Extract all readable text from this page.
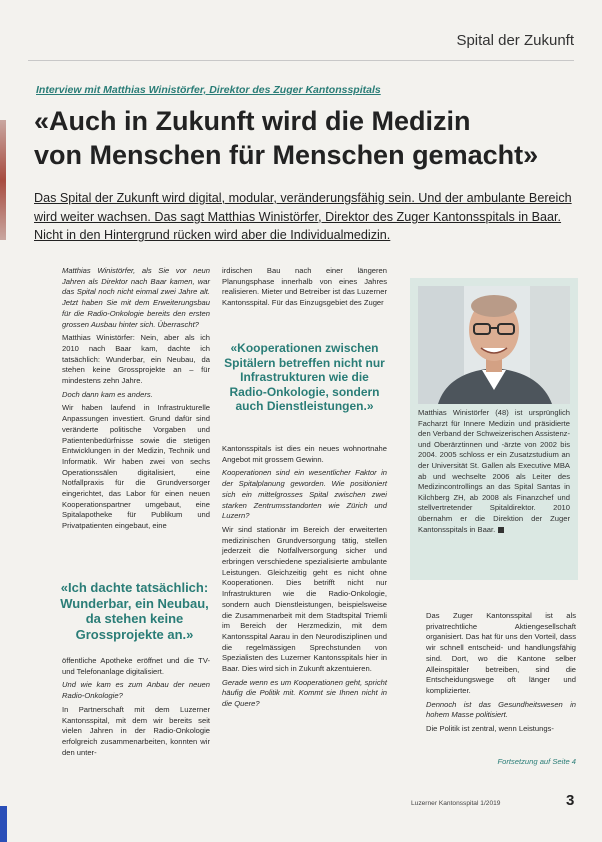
Spital der Zukunft
Interview mit Matthias Winistörfer, Direktor des Zuger Kantonsspitals
«Auch in Zukunft wird die Medizin
von Menschen für Menschen gemacht»

Das Spital der Zukunft wird digital, modular, veränderungsfähig sein. Und der ambulante Bereich wird weiter wachsen. Das sagt Matthias Winistörfer, Direktor des Zuger Kantonsspitals in Baar. Nicht in den Hintergrund rücken wird aber die Individualmedizin.

Matthias Winistörfer, als Sie vor neun Jahren als Direktor nach Baar kamen, war das Spital noch nicht einmal zwei Jahre alt. Jetzt haben Sie mit dem Erweiterungsbau für die Radio-Onkologie bereits den ersten grossen Ausbau hinter sich. Überrascht?

Matthias Winistörfer: Nein, aber als ich 2010 nach Baar kam, dachte ich tatsächlich: Wunderbar, ein Neubau, da stehen keine Grossprojekte an – für mindestens zehn Jahre.

Doch dann kam es anders.

Wir haben laufend in Infrastrukturelle Anpassungen investiert. Grund dafür sind veränderte politische Vorgaben und Patientenbedürfnisse sowie die stetigen Entwicklungen in der Medizin, Technik und Informatik. Wir haben zwei von sechs Operationssälen digitalisiert, eine Notfallpraxis für die Grundversorger eingerichtet, das Labor für einen neuen Kooperationspartner umgebaut, eine Spitalapotheke für Publikum und Privatpatienten eingebaut, eine

«Ich dachte tatsächlich: Wunderbar, ein Neubau, da stehen keine Grossprojekte an.»

öffentliche Apotheke eröffnet und die TV- und Telefonanlage digitalisiert.

Und wie kam es zum Anbau der neuen Radio-Onkologie?

In Partnerschaft mit dem Luzerner Kantonsspital, mit dem wir bereits seit vielen Jahren in der Radio-Onkologie erfolgreich zusammenarbeiten, konnten wir den unter-

irdischen Bau nach einer längeren Planungsphase innerhalb von eines Jahres realisieren. Mieter und Betreiber ist das Luzerner Kantonsspital. Für das Einzugsgebiet des Zuger

«Kooperationen zwischen Spitälern betreffen nicht nur Infrastrukturen wie die Radio-Onkologie, sondern auch Dienstleistungen.»

Kantonsspitals ist dies ein neues wohnortnahe Angebot mit grossem Gewinn.

Kooperationen sind ein wesentlicher Faktor in der Spitalplanung geworden. Wie positioniert sich ein mittelgrosses Spital zwischen zwei starken Zentrumsstandorten wie Zürich und Luzern?

Wir sind stationär im Bereich der erweiterten medizinischen Grundversorgung tätig, stellen jederzeit die Notfallversorgung sicher und erbringen verschiedene spezialisierte ambulante Leistungen. Gleichzeitig geht es nicht ohne Kooperationen. Dies betrifft nicht nur Infrastrukturen wie die Radio-Onkologie, sondern auch Dienstleistungen, beispielsweise die Zusammenarbeit mit dem Stadtspital Triemli im Bereich der Herzmedizin, mit dem Kantonsspital Aarau in den Neurodisziplinen und die regelmässigen Sprechstunden von Spezialisten des Luzerner Kantonsspitals hier in Baar. Dies wird sich in Zukunft akzentuieren.

Gerade wenn es um Kooperationen geht, spricht häufig die Politik mit. Kommt sie Ihnen nicht in die Quere?

Matthias Winistörfer (48) ist ursprünglich Facharzt für Innere Medizin und präsidierte den Verband der Schweizerischen Assistenz- und Oberärztinnen und -ärzte von 2002 bis 2004. 2005 schloss er ein Zusatzstudium an der Universität St. Gallen als Executive MBA ab und wechselte 2006 als Leiter des Medizincontrollings an das Spital Santas in Kilchberg ZH, ab 2008 als Finanzchef und stellvertretender Spitaldirektor. 2010 übernahm er die Direktion der Zuger Kantonsspitals in Baar.

Das Zuger Kantonsspital ist als privatrechtliche Aktiengesellschaft organisiert. Das hat für uns den Vorteil, dass wir schnell entscheid- und handlungsfähig sind. Dort, wo die Kantone selber Alleinspitäler betreiben, sind die Entscheidungswege oft länger und komplizierter.

Dennoch ist das Gesundheitswesen in hohem Masse politisiert.

Die Politik ist zentral, wenn Leistungs-

Fortsetzung auf Seite 4
Luzerner Kantonsspital 1/2019	3
